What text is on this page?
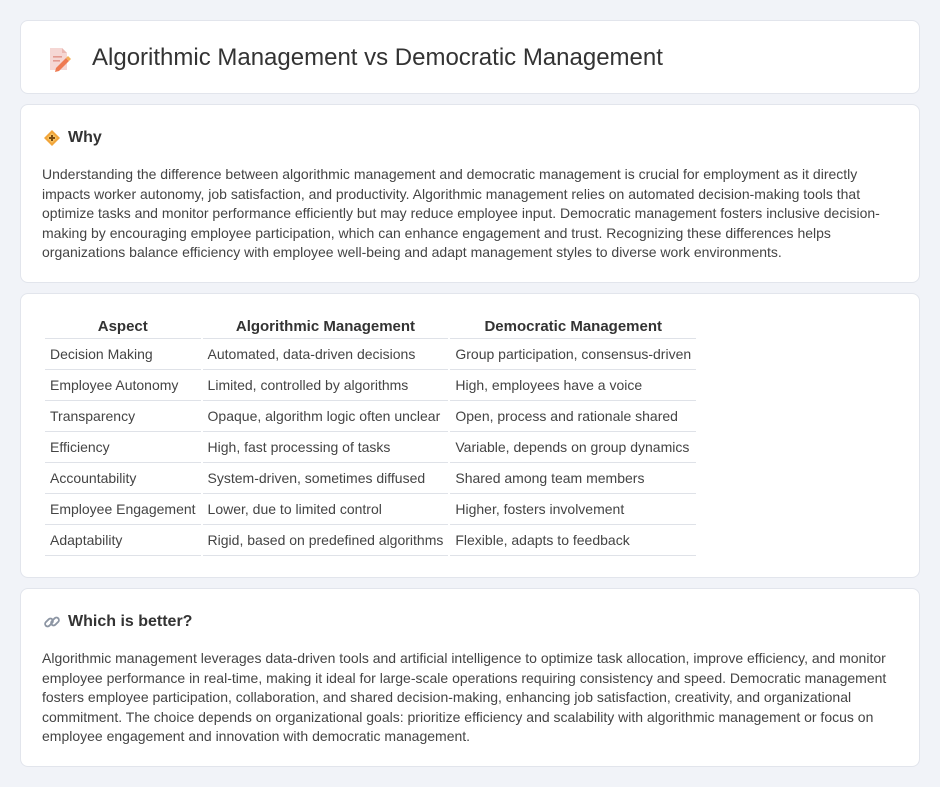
Algorithmic Management vs Democratic Management
Why

Understanding the difference between algorithmic management and democratic management is crucial for employment as it directly impacts worker autonomy, job satisfaction, and productivity. Algorithmic management relies on automated decision-making tools that optimize tasks and monitor performance efficiently but may reduce employee input. Democratic management fosters inclusive decision-making by encouraging employee participation, which can enhance engagement and trust. Recognizing these differences helps organizations balance efficiency with employee well-being and adapt management styles to diverse work environments.

Aspect	Algorithmic Management	Democratic Management
Decision Making	Automated, data-driven decisions	Group participation, consensus-driven
Employee Autonomy	Limited, controlled by algorithms	High, employees have a voice
Transparency	Opaque, algorithm logic often unclear	Open, process and rationale shared
Efficiency	High, fast processing of tasks	Variable, depends on group dynamics
Accountability	System-driven, sometimes diffused	Shared among team members
Employee Engagement	Lower, due to limited control	Higher, fosters involvement
Adaptability	Rigid, based on predefined algorithms	Flexible, adapts to feedback
Which is better?

Algorithmic management leverages data-driven tools and artificial intelligence to optimize task allocation, improve efficiency, and monitor employee performance in real-time, making it ideal for large-scale operations requiring consistency and speed. Democratic management fosters employee participation, collaboration, and shared decision-making, enhancing job satisfaction, creativity, and organizational commitment. The choice depends on organizational goals: prioritize efficiency and scalability with algorithmic management or focus on employee engagement and innovation with democratic management.
